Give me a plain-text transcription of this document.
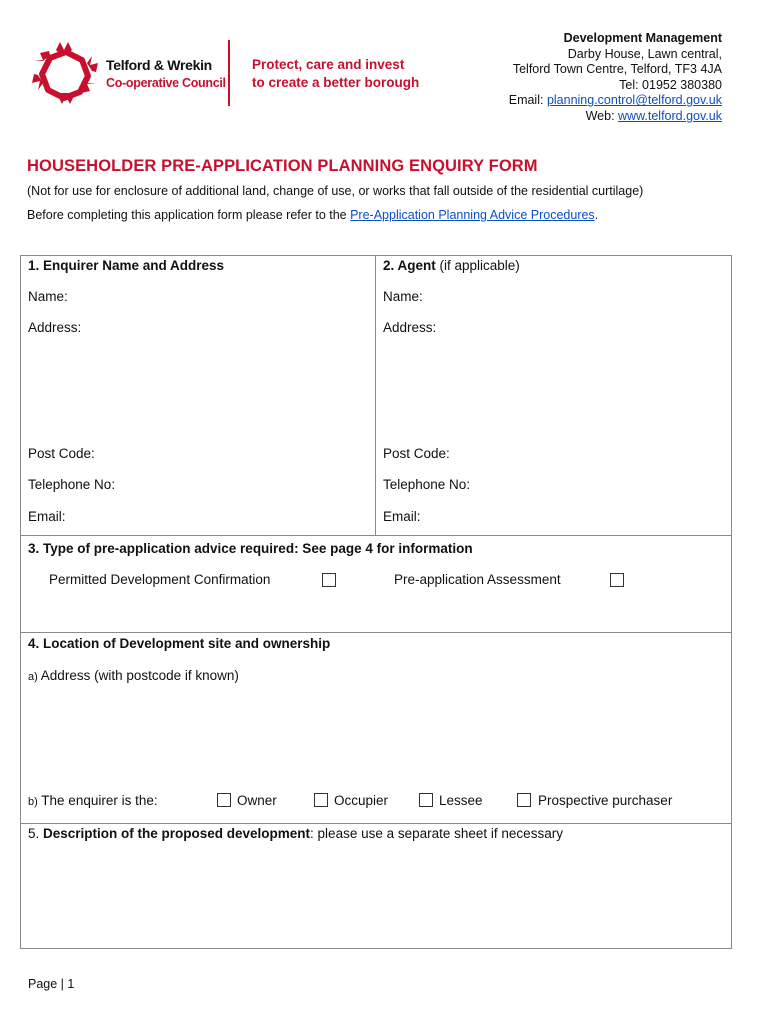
Telford & Wrekin
Co-operative Council
Protect, care and invest
to create a better borough
Development Management
Darby House, Lawn central,
Telford Town Centre, Telford, TF3 4JA
Tel: 01952 380380
Email: planning.control@telford.gov.uk
Web: www.telford.gov.uk
HOUSEHOLDER PRE-APPLICATION PLANNING ENQUIRY FORM
(Not for use for enclosure of additional land, change of use, or works that fall outside of the residential curtilage)
Before completing this application form please refer to the Pre-Application Planning Advice Procedures.
1. Enquirer Name and Address
Name:
Address:
Post Code:
Telephone No:
Email:
2. Agent (if applicable)
Name:
Address:
Post Code:
Telephone No:
Email:
3. Type of pre-application advice required: See page 4 for information
Permitted Development Confirmation	Pre-application Assessment
4. Location of Development site and ownership
a) Address (with postcode if known)
b) The enquirer is the:	Owner	Occupier	Lessee	Prospective purchaser
5. Description of the proposed development: please use a separate sheet if necessary
Page | 1
